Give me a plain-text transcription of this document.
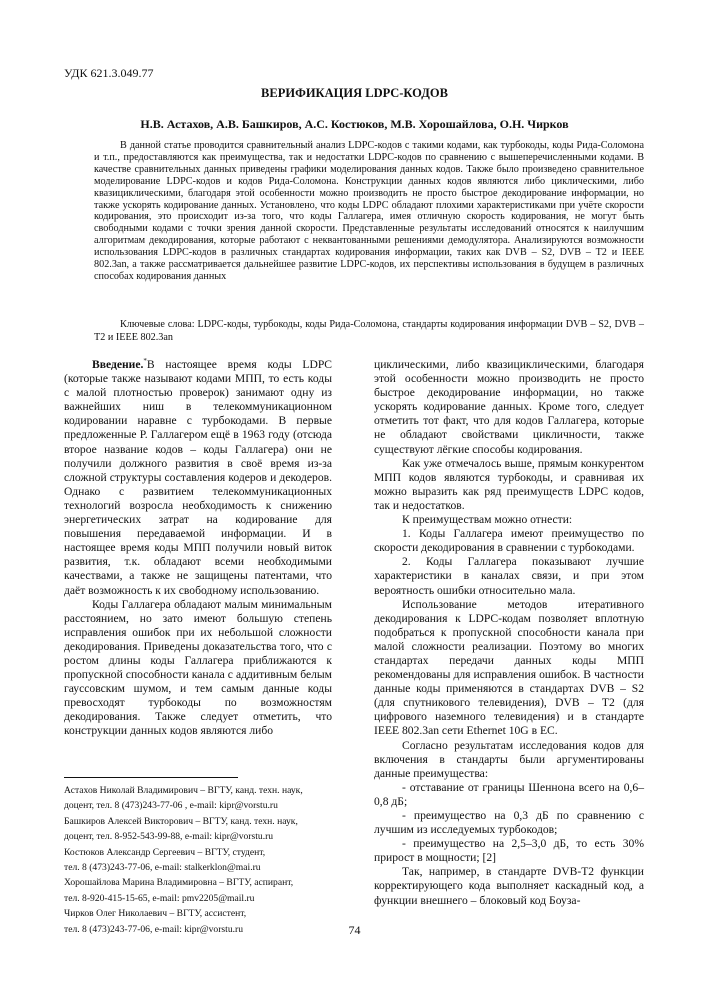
УДК 621.3.049.77
ВЕРИФИКАЦИЯ LDPC-КОДОВ
Н.В. Астахов, А.В. Башкиров, А.С. Костюков, М.В. Хорошайлова, О.Н. Чирков

В данной статье проводится сравнительный анализ LDPC-кодов с такими кодами, как турбокоды, коды Рида-Соломона и т.п., предоставляются как преимущества, так и недостатки LDPC-кодов по сравнению с вышеперечисленными кодами. В качестве сравнительных данных приведены графики моделирования данных кодов. Также было произведено сравнительное моделирование LDPC-кодов и кодов Рида-Соломона. Конструкции данных кодов являются либо циклическими, либо квазициклическими, благодаря этой особенности можно производить не просто быстрое декодирование информации, но также ускорять кодирование данных. Установлено, что коды LDPC обладают плохими характеристиками при учёте скорости кодирования, это происходит из-за того, что коды Галлагера, имея отличную скорость кодирования, не могут быть свободными кодами с точки зрения данной скорости. Представленные результаты исследований относятся к наилучшим алгоритмам декодирования, которые работают с неквантованными решениями демодулятора. Анализируются возможности использования LDPC-кодов в различных стандартах кодирования информации, таких как DVB – S2, DVB – T2 и IEEE 802.3an, а также рассматривается дальнейшее развитие LDPC-кодов, их перспективы использования в будущем в различных способах кодирования данных

Ключевые слова: LDPC-коды, турбокоды, коды Рида-Соломона, стандарты кодирования информации DVB – S2, DVB – T2 и IEEE 802.3an

Введение.*В настоящее время коды LDPC (которые также называют кодами МПП, то есть коды с малой плотностью проверок) занимают одну из важнейших ниш в телекоммуникационном кодировании наравне с турбокодами. В первые предложенные Р. Галлагером ещё в 1963 году (отсюда второе название кодов – коды Галлагера) они не получили должного развития в своё время из-за сложной структуры составления кодеров и декодеров. Однако с развитием телекоммуникационных технологий возросла необходимость к снижению энергетических затрат на кодирование для повышения передаваемой информации. И в настоящее время коды МПП получили новый виток развития, т.к. обладают всеми необходимыми качествами, а также не защищены патентами, что даёт возможность к их свободному использованию.

Коды Галлагера обладают малым минимальным расстоянием, но зато имеют большую степень исправления ошибок при их небольшой сложности декодирования. Приведены доказательства того, что с ростом длины коды Галлагера приближаются к пропускной способности канала с аддитивным белым гауссовским шумом, и тем самым данные коды превосходят турбокоды по возможностям декодирования. Также следует отметить, что конструкции данных кодов являются либо

циклическими, либо квазициклическими, благодаря этой особенности можно производить не просто быстрое декодирование информации, но также ускорять кодирование данных. Кроме того, следует отметить тот факт, что для кодов Галлагера, которые не обладают свойствами цикличности, также существуют лёгкие способы кодирования.

Как уже отмечалось выше, прямым конкурентом МПП кодов являются турбокоды, и сравнивая их можно выразить как ряд преимуществ LDPC кодов, так и недостатков.

К преимуществам можно отнести:

1. Коды Галлагера имеют преимущество по скорости декодирования в сравнении с турбокодами.

2. Коды Галлагера показывают лучшие характеристики в каналах связи, и при этом вероятность ошибки относительно мала.

Использование методов итеративного декодирования к LDPC-кодам позволяет вплотную подобраться к пропускной способности канала при малой сложности реализации. Поэтому во многих стандартах передачи данных коды МПП рекомендованы для исправления ошибок. В частности данные коды применяются в стандартах DVB – S2 (для спутникового телевидения), DVB – T2 (для цифрового наземного телевидения) и в стандарте IEEE 802.3an сети Ethernet 10G в ЕС.

Согласно результатам исследования кодов для включения в стандарты были аргументированы данные преимущества:

- отставание от границы Шеннона всего на 0,6–0,8 дБ;

- преимущество на 0,3 дБ по сравнению с лучшим из исследуемых турбокодов;

- преимущество на 2,5–3,0 дБ, то есть 30% прирост в мощности; [2]

Так, например, в стандарте DVB-T2 функции корректирующего кода выполняет каскадный код, а функции внешнего – блоковый код Боуза-

Астахов Николай Владимирович – ВГТУ, канд. техн. наук,
доцент, тел. 8 (473)243-77-06 , e-mail: kipr@vorstu.ru
Башкиров Алексей Викторович – ВГТУ, канд. техн. наук,
доцент, тел. 8-952-543-99-88, e-mail: kipr@vorstu.ru
Костюков Александр Сергеевич – ВГТУ, студент,
тел. 8 (473)243-77-06, e-mail: stalkerklon@mai.ru
Хорошайлова Марина Владимировна – ВГТУ, аспирант,
тел. 8-920-415-15-65, e-mail: pmv2205@mail.ru
Чирков Олег Николаевич – ВГТУ, ассистент,
тел. 8 (473)243-77-06, e-mail: kipr@vorstu.ru	74
